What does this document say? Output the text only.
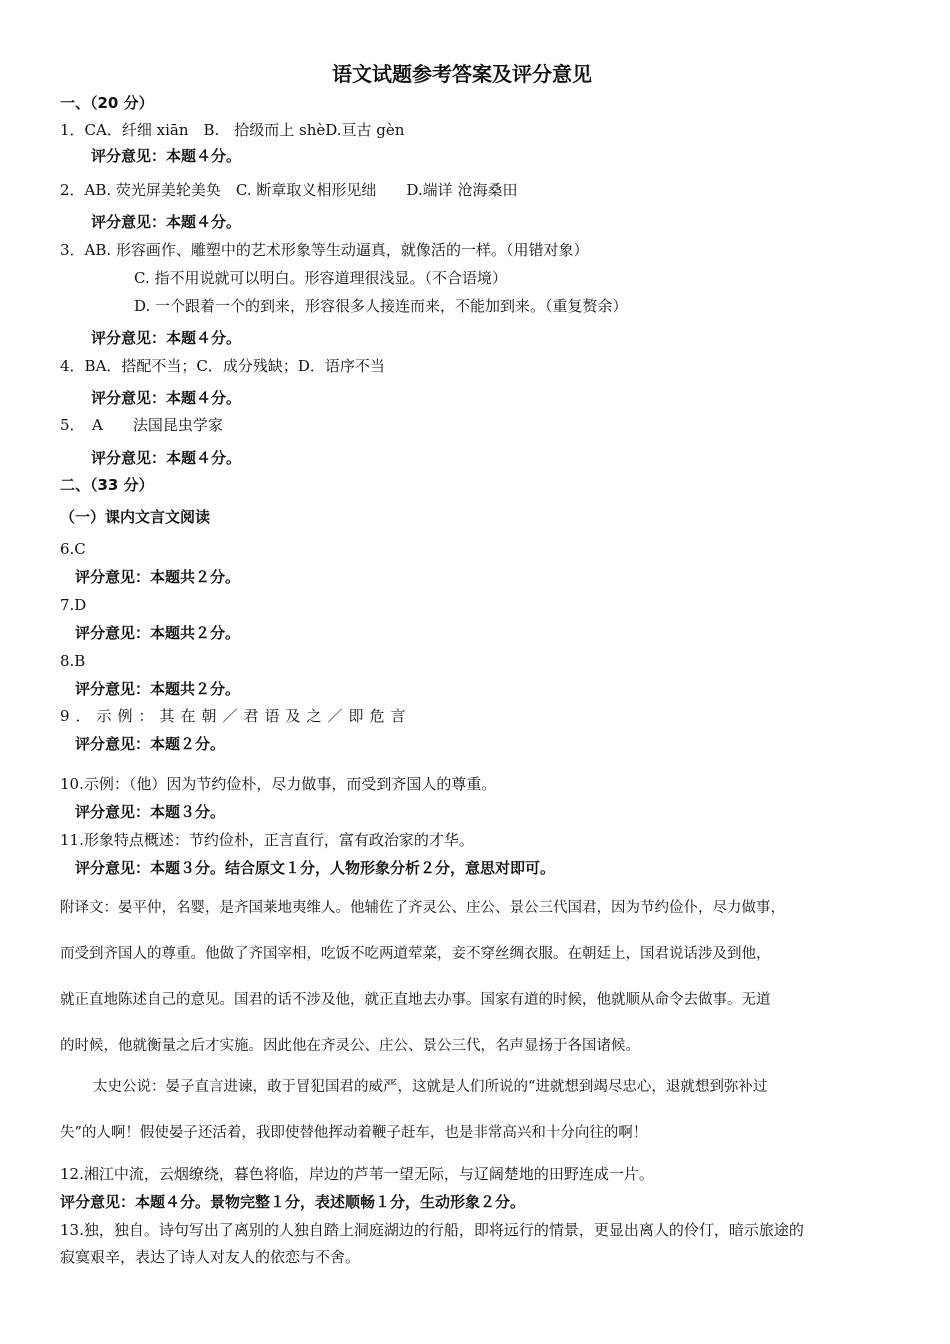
语文试题参考答案及评分意见
一、（20 分）
1．CA．纤细 xiān　B.　拾级而上 shèD.亘古 gèn
评分意见：本题４分。
2．AB. 荧光屏美轮美奂　C. 断章取义相形见绌　　D.端详 沧海桑田
评分意见：本题４分。
3．AB. 形容画作、雕塑中的艺术形象等生动逼真，就像活的一样。（用错对象）
C. 指不用说就可以明白。形容道理很浅显。（不合语境）
D. 一个跟着一个的到来，形容很多人接连而来，不能加到来。（重复赘余）
评分意见：本题４分。
4．BA．搭配不当；C．成分残缺；D．语序不当
评分意见：本题４分。
5．　A　　法国昆虫学家
评分意见：本题４分。
二、（33 分）
（一）课内文言文阅读
6.C
评分意见：本题共２分。
7.D
评分意见：本题共２分。
8.B
评分意见：本题共２分。
9．示例：其在朝／君语及之／即危言
评分意见：本题２分。
10.示例：（他）因为节约俭朴，尽力做事，而受到齐国人的尊重。
评分意见：本题３分。
11.形象特点概述：节约俭朴，正言直行，富有政治家的才华。
评分意见：本题３分。结合原文１分，人物形象分析２分，意思对即可。
附译文：晏平仲，名婴，是齐国莱地夷维人。他辅佐了齐灵公、庄公、景公三代国君，因为节约俭仆，尽力做事，
而受到齐国人的尊重。他做了齐国宰相，吃饭不吃两道荤菜，妾不穿丝绸衣服。在朝廷上，国君说话涉及到他，
就正直地陈述自己的意见。国君的话不涉及他，就正直地去办事。国家有道的时候，他就顺从命令去做事。无道
的时候，他就衡量之后才实施。因此他在齐灵公、庄公、景公三代，名声显扬于各国诸候。
太史公说：晏子直言进谏，敢于冒犯国君的威严，这就是人们所说的“进就想到竭尽忠心，退就想到弥补过
失”的人啊！假使晏子还活着，我即使替他挥动着鞭子赶车，也是非常高兴和十分向往的啊！
12.湘江中流，云烟缭绕，暮色将临，岸边的芦苇一望无际，与辽阔楚地的田野连成一片。
评分意见：本题４分。景物完整１分，表述顺畅１分，生动形象２分。
13.独，独自。诗句写出了离别的人独自踏上洞庭湖边的行船，即将远行的情景，更显出离人的伶仃，暗示旅途的
寂寞艰辛，表达了诗人对友人的依恋与不舍。
